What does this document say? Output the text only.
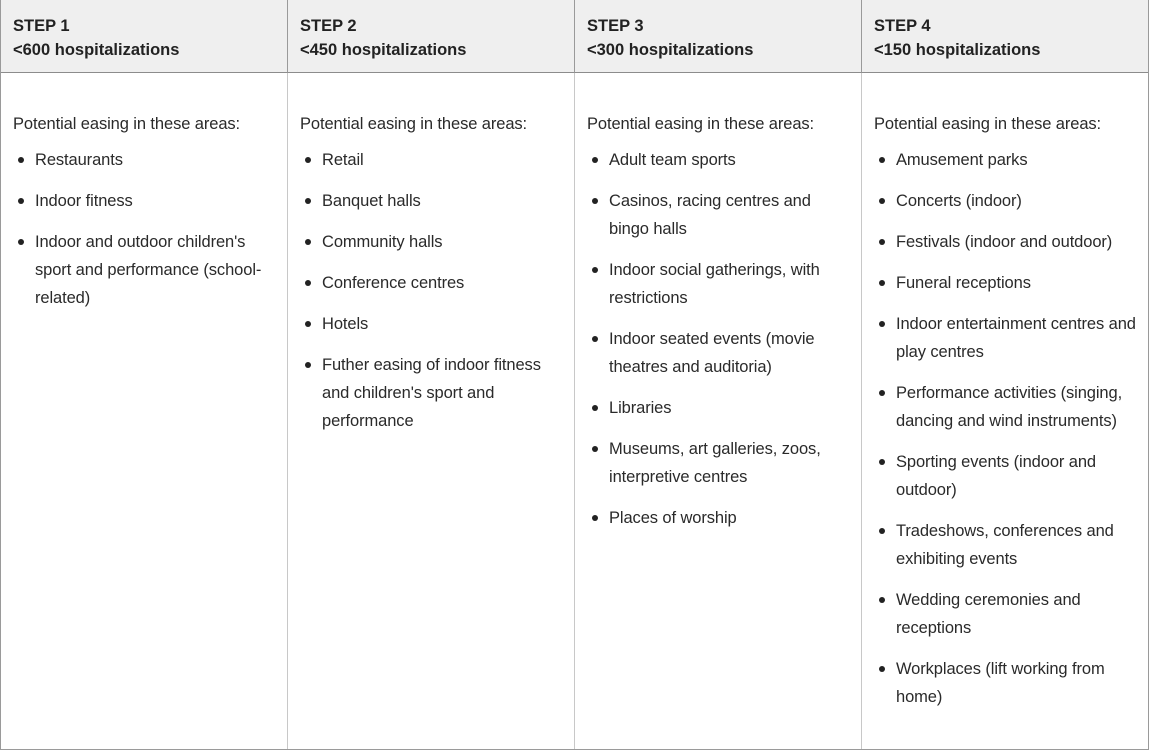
STEP 1
<600 hospitalizations
STEP 2
<450 hospitalizations
STEP 3
<300 hospitalizations
STEP 4
<150 hospitalizations
Potential easing in these areas:
Restaurants
Indoor fitness
Indoor and outdoor children's sport and performance (school-related)
Potential easing in these areas:
Retail
Banquet halls
Community halls
Conference centres
Hotels
Futher easing of indoor fitness and children's sport and performance
Potential easing in these areas:
Adult team sports
Casinos, racing centres and bingo halls
Indoor social gatherings, with restrictions
Indoor seated events (movie theatres and auditoria)
Libraries
Museums, art galleries, zoos, interpretive centres
Places of worship
Potential easing in these areas:
Amusement parks
Concerts (indoor)
Festivals (indoor and outdoor)
Funeral receptions
Indoor entertainment centres and play centres
Performance activities (singing, dancing and wind instruments)
Sporting events (indoor and outdoor)
Tradeshows, conferences and exhibiting events
Wedding ceremonies and receptions
Workplaces (lift working from home)
